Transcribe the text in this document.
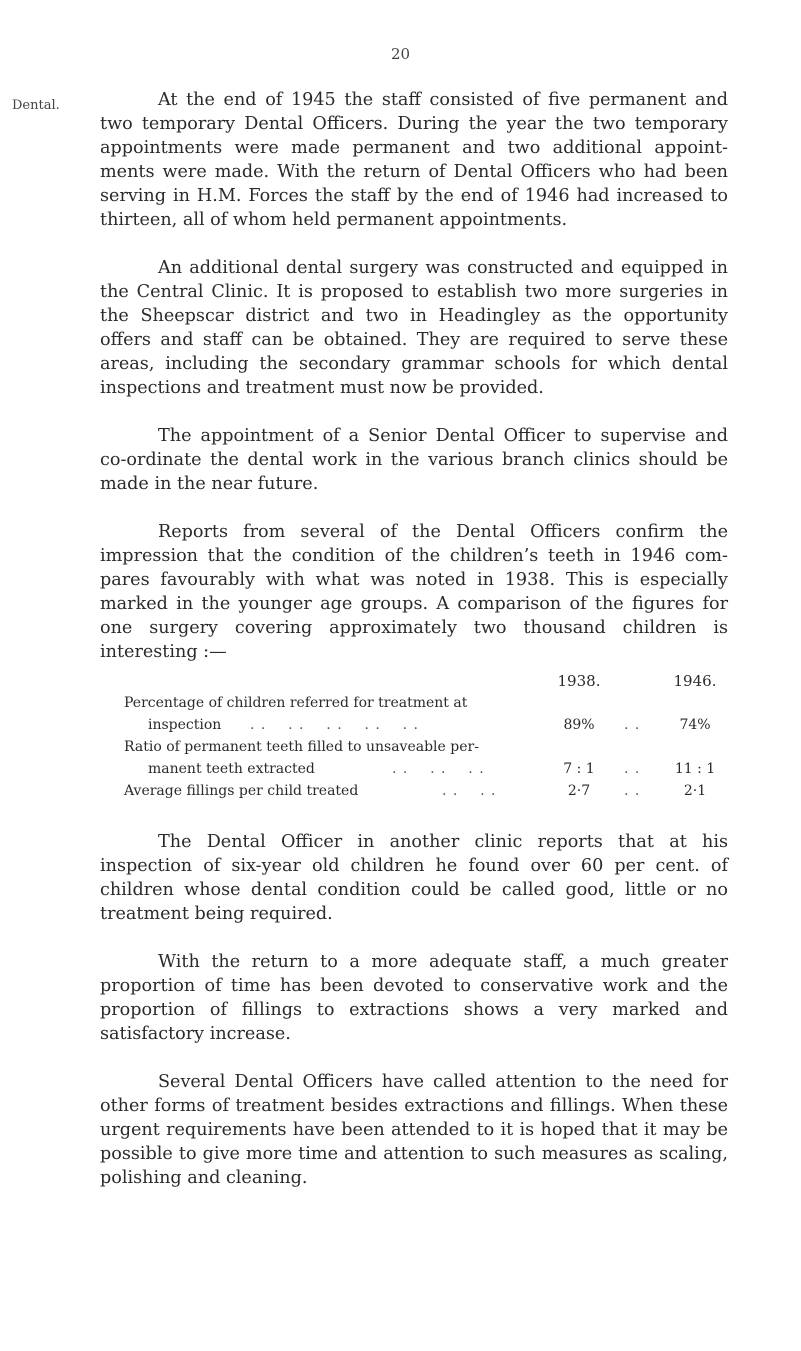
20
Dental.	At the end of 1945 the staff consisted of five permanent and two temporary Dental Officers. During the year the two temporary appointments were made permanent and two additional appoint-ments were made. With the return of Dental Officers who had been serving in H.M. Forces the staff by the end of 1946 had increased to thirteen, all of whom held permanent appointments.

An additional dental surgery was constructed and equipped in the Central Clinic. It is proposed to establish two more surgeries in the Sheepscar district and two in Headingley as the opportunity offers and staff can be obtained. They are required to serve these areas, including the secondary grammar schools for which dental inspections and treatment must now be provided.

The appointment of a Senior Dental Officer to supervise and co-ordinate the dental work in the various branch clinics should be made in the near future.

Reports from several of the Dental Officers confirm the impression that the condition of the children’s teeth in 1946 com-pares favourably with what was noted in 1938. This is especially marked in the younger age groups. A comparison of the figures for one surgery covering approximately two thousand children is interesting :—

1938.	1946.
Percentage of children referred for treatment at
inspection . .    . .    . .    . .    . .	89%	. .	74%
Ratio of permanent teeth filled to unsaveable per-
manent teeth extracted	. .    . .    . .	7 : 1	. .	11 : 1
Average fillings per child treated	. .    . .	2·7	. .	2·1

The Dental Officer in another clinic reports that at his inspection of six-year old children he found over 60 per cent. of children whose dental condition could be called good, little or no treatment being required.

With the return to a more adequate staff, a much greater proportion of time has been devoted to conservative work and the proportion of fillings to extractions shows a very marked and satisfactory increase.

Several Dental Officers have called attention to the need for other forms of treatment besides extractions and fillings. When these urgent requirements have been attended to it is hoped that it may be possible to give more time and attention to such measures as scaling, polishing and cleaning.
